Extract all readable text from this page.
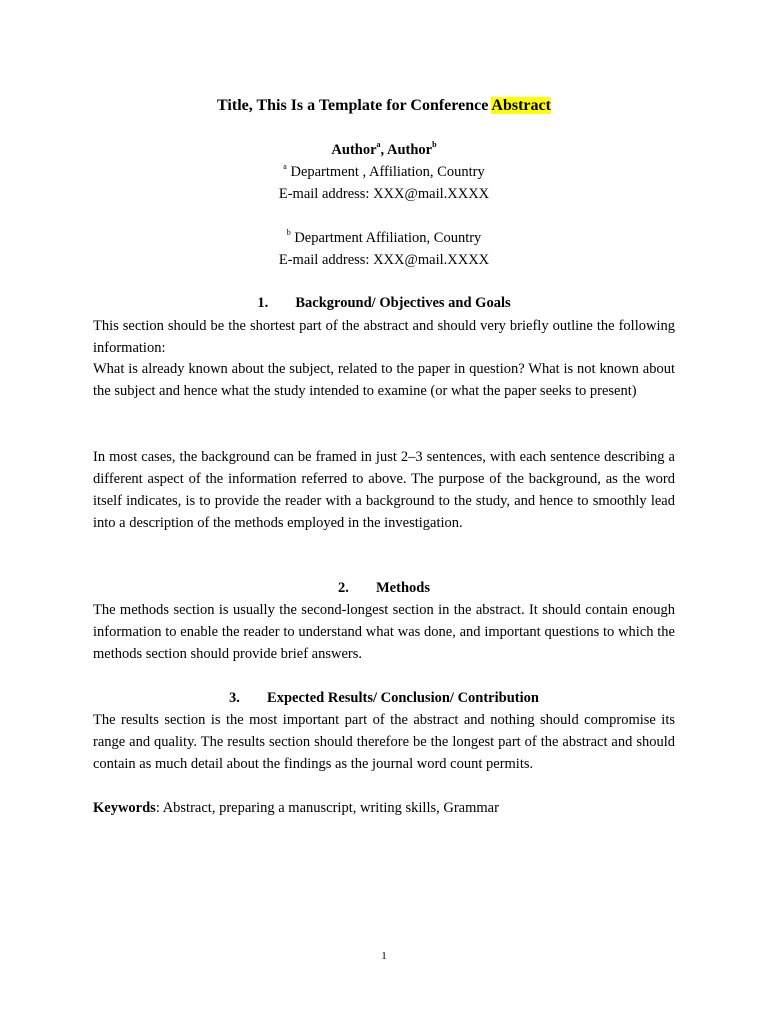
Title, This Is a Template for Conference Abstract
Author$^a$, Author$^b$
$^a$ Department , Affiliation, Country
E-mail address: XXX@mail.XXXX
$^b$ Department Affiliation, Country
E-mail address: XXX@mail.XXXX
1. Background/ Objectives and Goals

This section should be the shortest part of the abstract and should very briefly outline the following information:

What is already known about the subject, related to the paper in question? What is not known about the subject and hence what the study intended to examine (or what the paper seeks to present)

In most cases, the background can be framed in just 2–3 sentences, with each sentence describing a different aspect of the information referred to above. The purpose of the background, as the word itself indicates, is to provide the reader with a background to the study, and hence to smoothly lead into a description of the methods employed in the investigation.

2. Methods

The methods section is usually the second-longest section in the abstract. It should contain enough information to enable the reader to understand what was done, and important questions to which the methods section should provide brief answers.

3. Expected Results/ Conclusion/ Contribution

The results section is the most important part of the abstract and nothing should compromise its range and quality. The results section should therefore be the longest part of the abstract and should contain as much detail about the findings as the journal word count permits.

Keywords: Abstract, preparing a manuscript, writing skills, Grammar
1
